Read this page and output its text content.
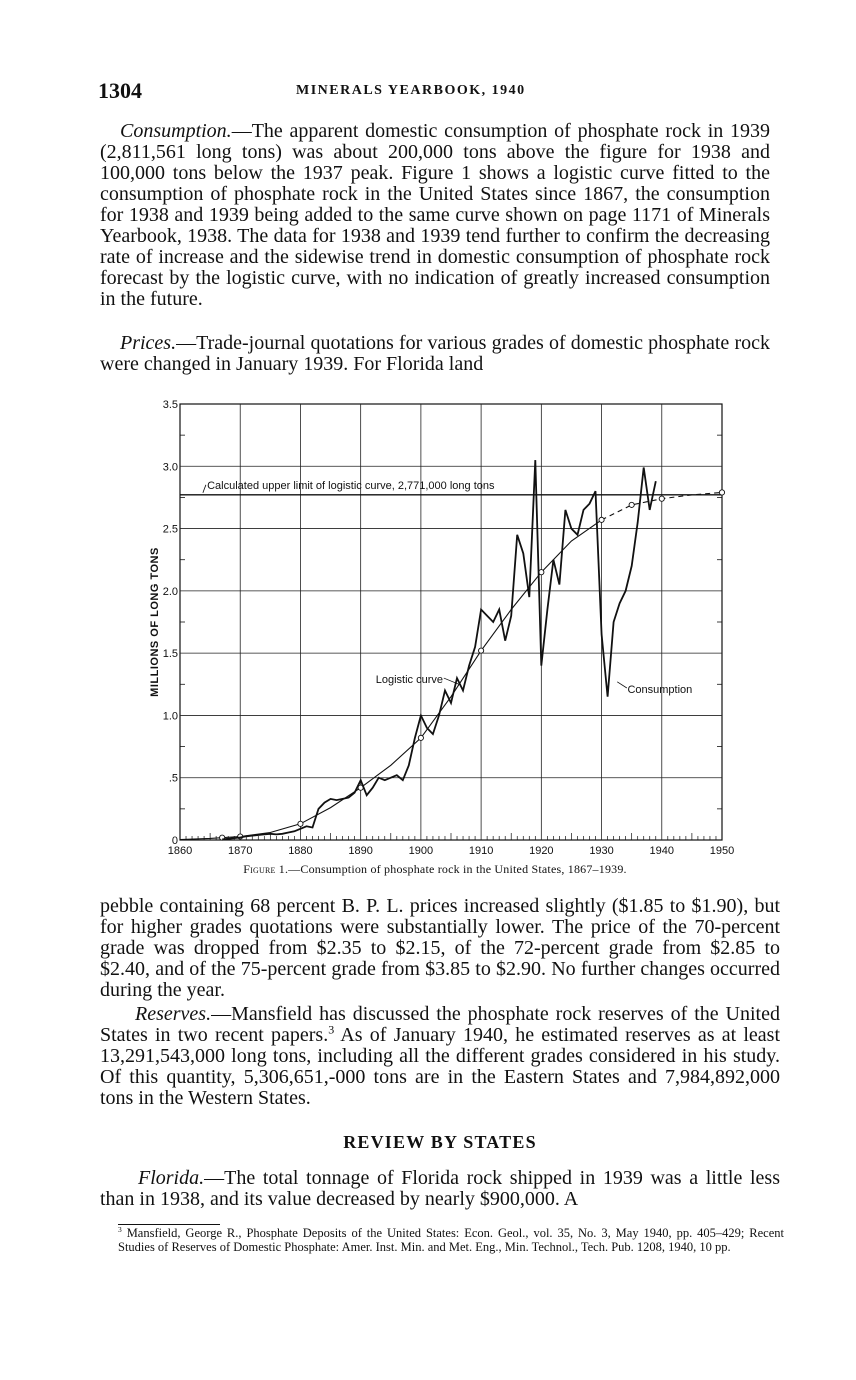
1304	MINERALS YEARBOOK, 1940

Consumption.—The apparent domestic consumption of phosphate rock in 1939 (2,811,561 long tons) was about 200,000 tons above the figure for 1938 and 100,000 tons below the 1937 peak. Figure 1 shows a logistic curve fitted to the consumption of phosphate rock in the United States since 1867, the consumption for 1938 and 1939 being added to the same curve shown on page 1171 of Minerals Yearbook, 1938. The data for 1938 and 1939 tend further to confirm the decreasing rate of increase and the sidewise trend in domestic consumption of phosphate rock forecast by the logistic curve, with no indication of greatly increased consumption in the future.

Prices.—Trade-journal quotations for various grades of domestic phosphate rock were changed in January 1939. For Florida land

1860	1870	1880	1890	1900	1910	1920	1930	1940	1950
0
.5
1.0
1.5
2.0
2.5
3.0
3.5
MILLIONS OF LONG TONS
Calculated upper limit of logistic curve, 2,771,000 long tons
Logistic curve
Consumption
Figure 1.—Consumption of phosphate rock in the United States, 1867–1939.

pebble containing 68 percent B. P. L. prices increased slightly ($1.85 to $1.90), but for higher grades quotations were substantially lower. The price of the 70-percent grade was dropped from $2.35 to $2.15, of the 72-percent grade from $2.85 to $2.40, and of the 75-percent grade from $3.85 to $2.90. No further changes occurred during the year.

Reserves.—Mansfield has discussed the phosphate rock reserves of the United States in two recent papers.$^3$ As of January 1940, he estimated reserves as at least 13,291,543,000 long tons, including all the different grades considered in his study. Of this quantity, 5,306,651,-000 tons are in the Eastern States and 7,984,892,000 tons in the Western States.

REVIEW BY STATES

Florida.—The total tonnage of Florida rock shipped in 1939 was a little less than in 1938, and its value decreased by nearly $900,000. A

$^3$ Mansfield, George R., Phosphate Deposits of the United States: Econ. Geol., vol. 35, No. 3, May 1940, pp. 405–429; Recent Studies of Reserves of Domestic Phosphate: Amer. Inst. Min. and Met. Eng., Min. Technol., Tech. Pub. 1208, 1940, 10 pp.
